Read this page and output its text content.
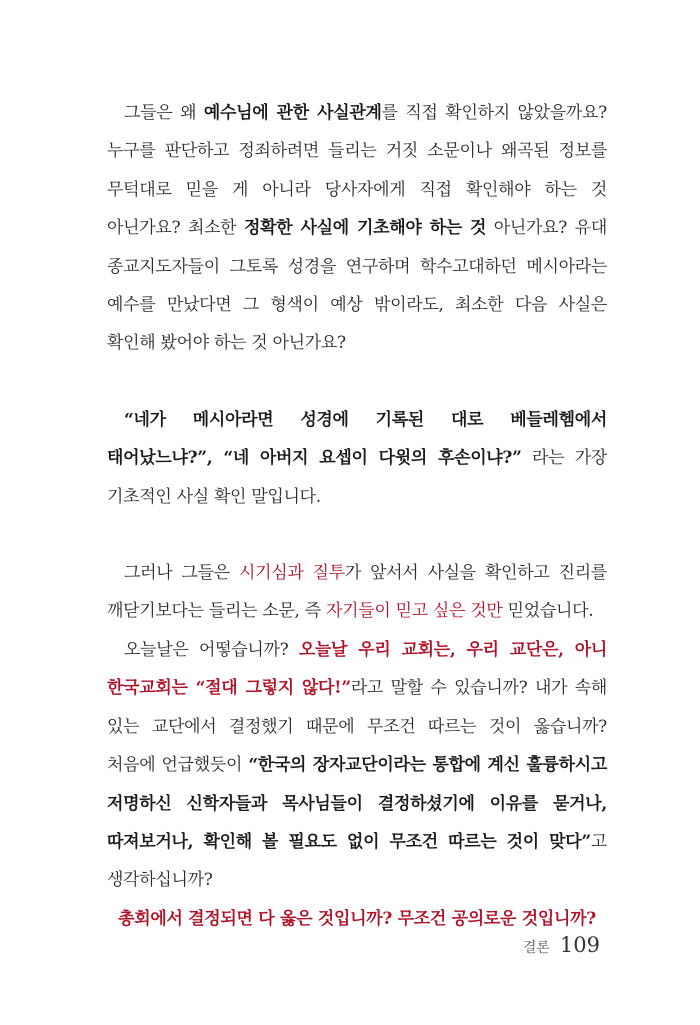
그들은 왜 예수님에 관한 사실관계를 직접 확인하지 않았을까요? 누구를 판단하고 정죄하려면 들리는 거짓 소문이나 왜곡된 정보를 무턱대로 믿을 게 아니라 당사자에게 직접 확인해야 하는 것 아닌가요? 최소한 정확한 사실에 기초해야 하는 것 아닌가요? 유대 종교지도자들이 그토록 성경을 연구하며 학수고대하던 메시아라는 예수를 만났다면 그 형색이 예상 밖이라도, 최소한 다음 사실은 확인해 봤어야 하는 것 아닌가요?

“네가 메시아라면 성경에 기록된 대로 베들레헴에서 태어났느냐?”, “네 아버지 요셉이 다윗의 후손이냐?” 라는 가장 기초적인 사실 확인 말입니다.

그러나 그들은 시기심과 질투가 앞서서 사실을 확인하고 진리를 깨닫기보다는 들리는 소문, 즉 자기들이 믿고 싶은 것만 믿었습니다.

오늘날은 어떻습니까? 오늘날 우리 교회는, 우리 교단은, 아니 한국교회는 “절대 그렇지 않다!”라고 말할 수 있습니까? 내가 속해 있는 교단에서 결정했기 때문에 무조건 따르는 것이 옳습니까? 처음에 언급했듯이 “한국의 장자교단이라는 통합에 계신 훌륭하시고 저명하신 신학자들과 목사님들이 결정하셨기에 이유를 묻거나, 따져보거나, 확인해 볼 필요도 없이 무조건 따르는 것이 맞다”고 생각하십니까?

총회에서 결정되면 다 옳은 것입니까? 무조건 공의로운 것입니까?

결론 109
